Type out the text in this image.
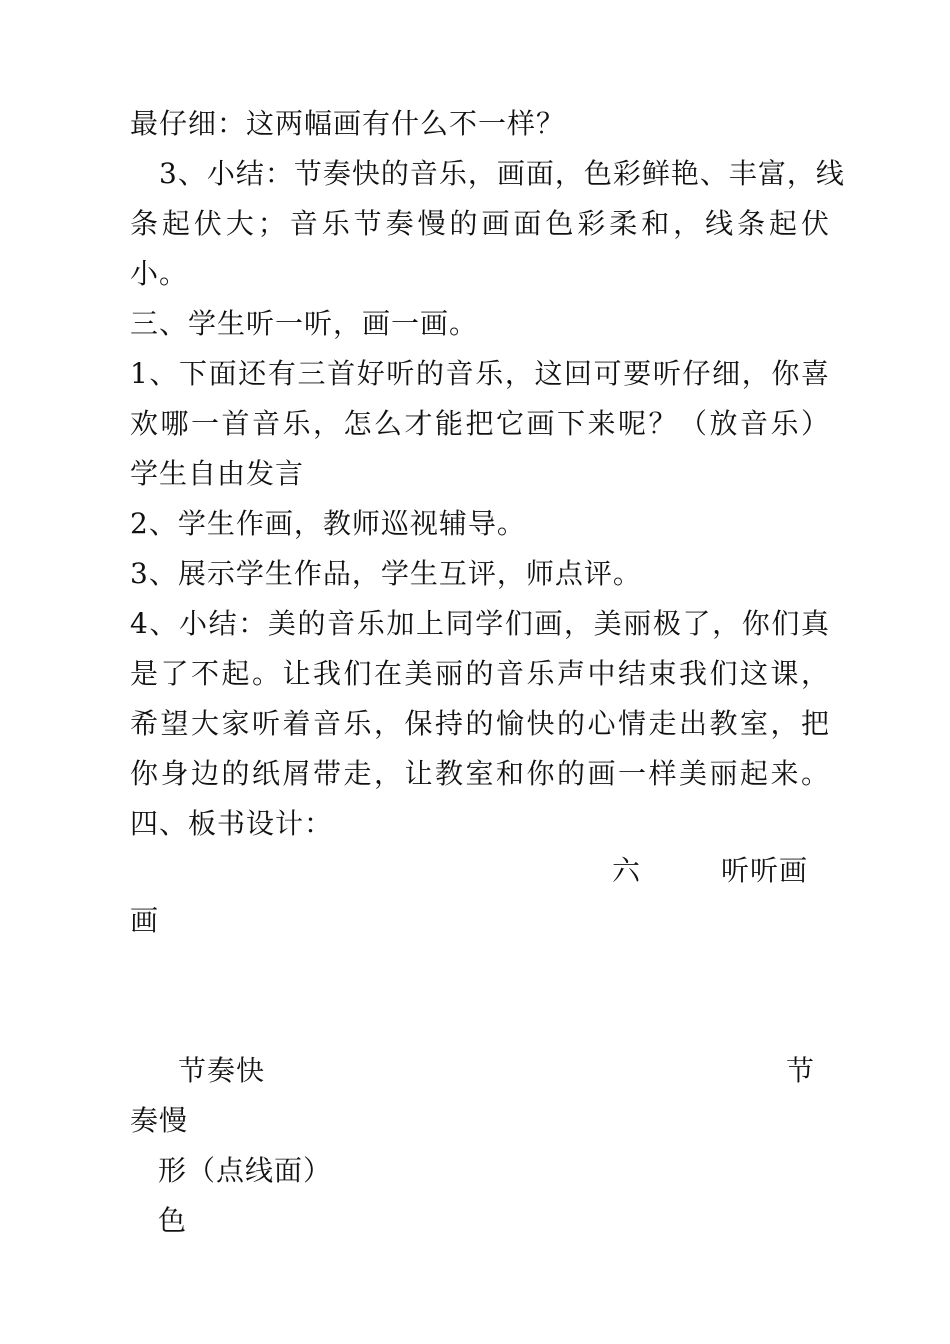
最仔细：这两幅画有什么不一样？
　3、小结：节奏快的音乐，画面，色彩鲜艳、丰富，线
条起伏大；音乐节奏慢的画面色彩柔和，线条起伏
小。
三、学生听一听，画一画。
1、下面还有三首好听的音乐，这回可要听仔细，你喜
欢哪一首音乐，怎么才能把它画下来呢？（放音乐）
学生自由发言
2、学生作画，教师巡视辅导。
3、展示学生作品，学生互评，师点评。
4、小结：美的音乐加上同学们画，美丽极了，你们真
是了不起。让我们在美丽的音乐声中结束我们这课，
希望大家听着音乐，保持的愉快的心情走出教室，把
你身边的纸屑带走，让教室和你的画一样美丽起来。
四、板书设计：
六	听听画
画
节奏快	节
奏慢
形（点线面）
色
